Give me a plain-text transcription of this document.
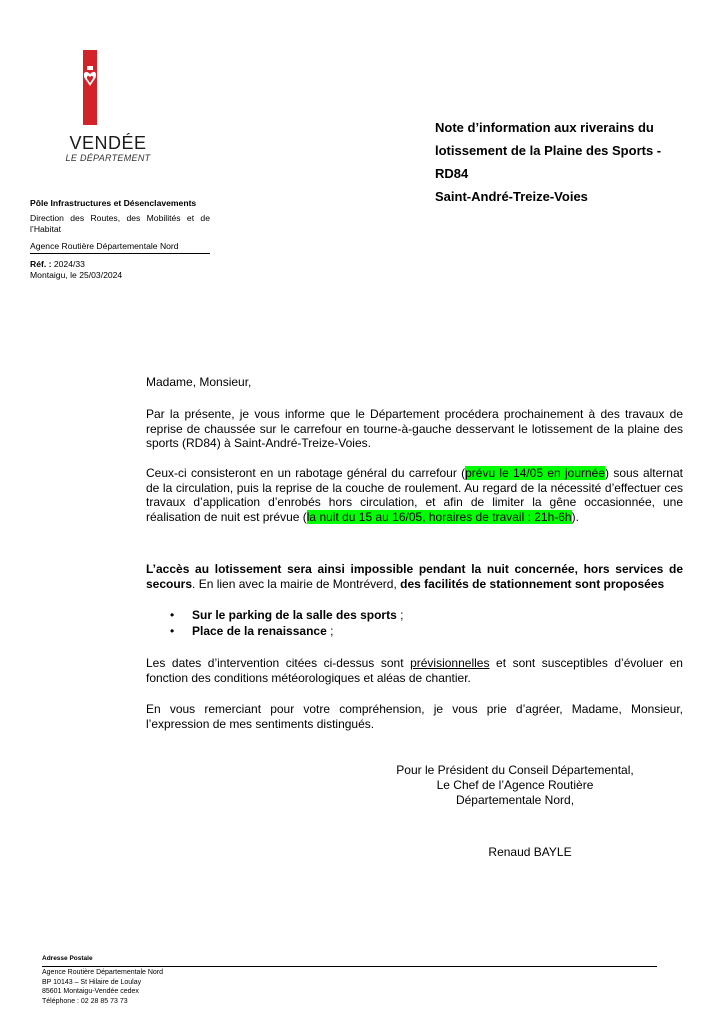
VENDÉE
LE DÉPARTEMENT
Pôle Infrastructures et Désenclavements
Direction des Routes, des Mobilités et de l’Habitat
Agence Routière Départementale Nord
Réf. : 2024/33
Montaigu, le 25/03/2024
Note d’information aux riverains du
lotissement de la Plaine des Sports -
RD84
Saint-André-Treize-Voies
Madame, Monsieur,
Par la présente, je vous informe que le Département procédera prochainement à des travaux de reprise de chaussée sur le carrefour en tourne-à-gauche desservant le lotissement de la plaine des sports (RD84) à Saint-André-Treize-Voies.
Ceux-ci consisteront en un rabotage général du carrefour (prévu le 14/05 en journée) sous alternat de la circulation, puis la reprise de la couche de roulement. Au regard de la nécessité d’effectuer ces travaux d’application d’enrobés hors circulation, et afin de limiter la gêne occasionnée, une réalisation de nuit est prévue (la nuit du 15 au 16/05, horaires de travail : 21h-6h).
L’accès au lotissement sera ainsi impossible pendant la nuit concernée, hors services de secours. En lien avec la mairie de Montréverd, des facilités de stationnement sont proposées
•	Sur le parking de la salle des sports ;
•	Place de la renaissance ;
Les dates d’intervention citées ci-dessus sont prévisionnelles et sont susceptibles d’évoluer en fonction des conditions météorologiques et aléas de chantier.
En vous remerciant pour votre compréhension, je vous prie d’agréer, Madame, Monsieur, l’expression de mes sentiments distingués.
Pour le Président du Conseil Départemental,
Le Chef de l’Agence Routière
Départementale Nord,
Renaud BAYLE
Adresse Postale
Agence Routière Départementale Nord
BP 10143 – St Hilaire de Loulay
85601 Montaigu-Vendée cedex
Téléphone : 02 28 85 73 73
